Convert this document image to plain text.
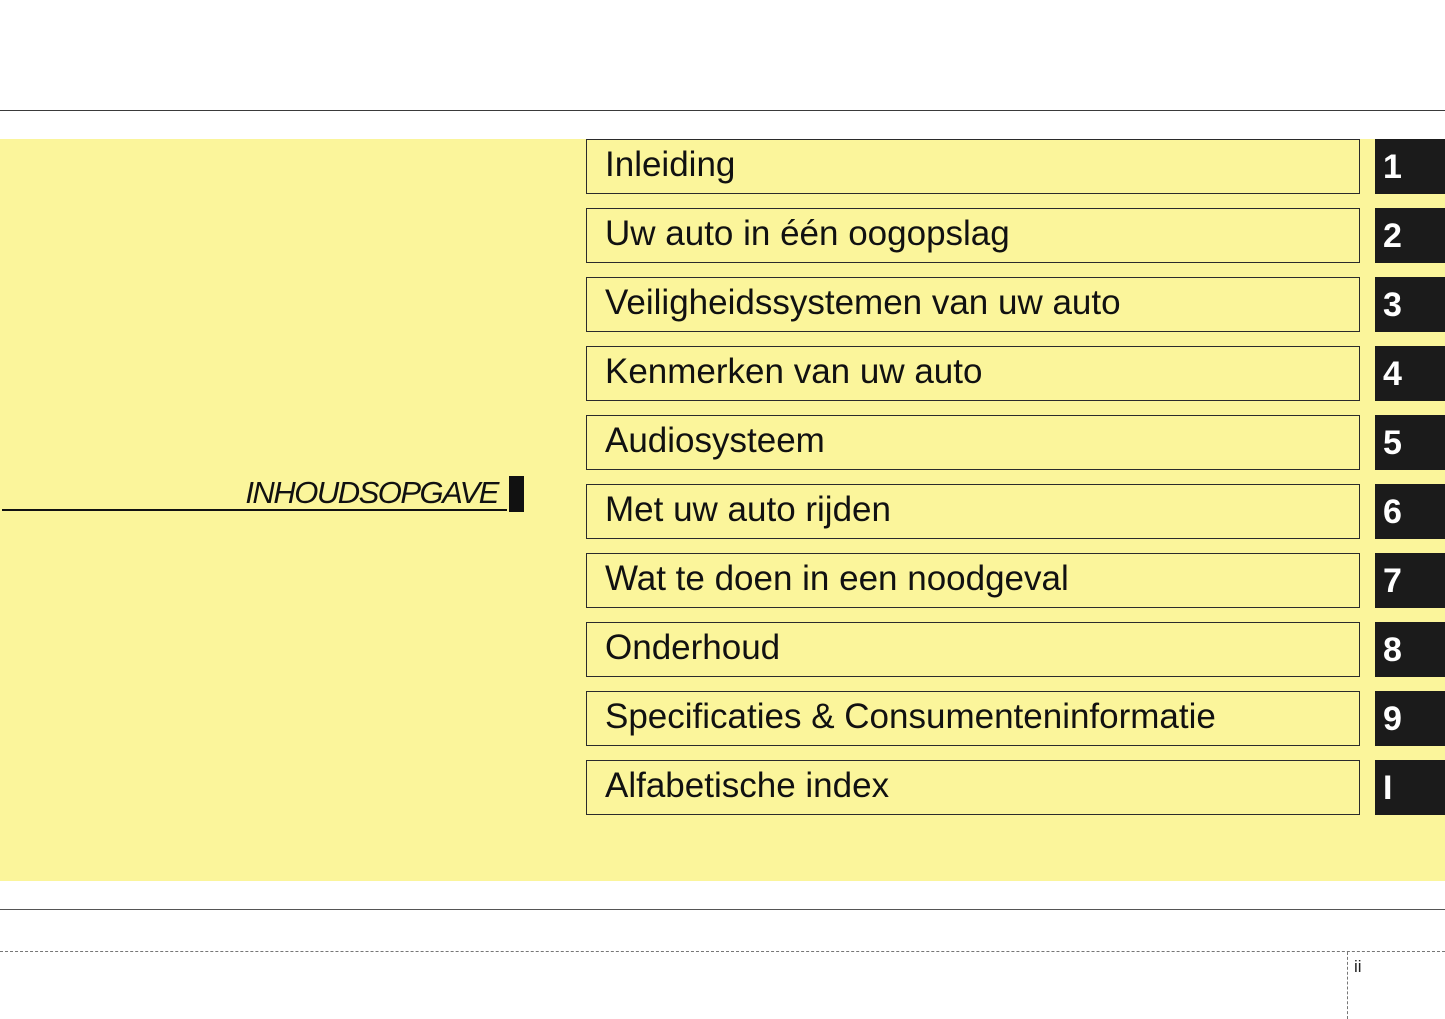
INHOUDSOPGAVE
Inleiding	1
Uw auto in één oogopslag	2
Veiligheidssystemen van uw auto	3
Kenmerken van uw auto	4
Audiosysteem	5
Met uw auto rijden	6
Wat te doen in een noodgeval	7
Onderhoud	8
Specificaties & Consumenteninformatie	9
Alfabetische index	I
ii
